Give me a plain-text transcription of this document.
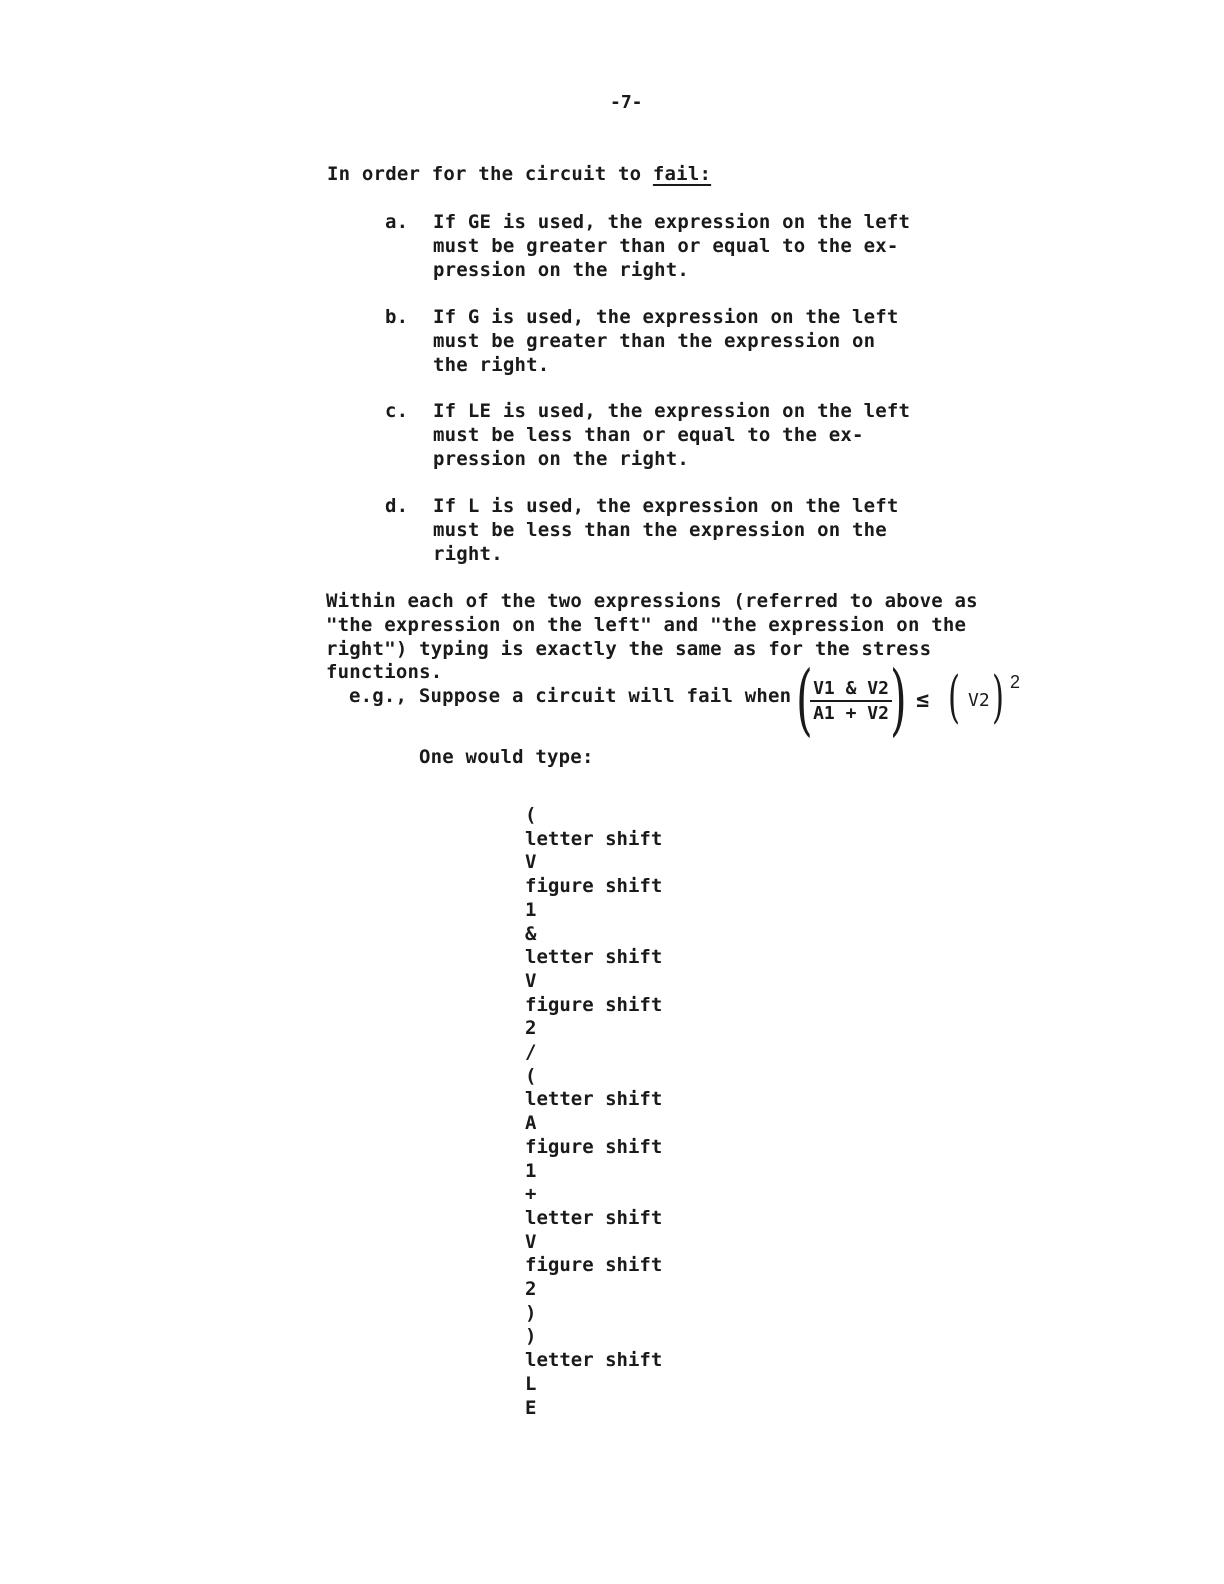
-7-
In order for the circuit to fail:
a. If GE is used, the expression on the left
must be greater than or equal to the ex-
pression on the right.
b. If G is used, the expression on the left
must be greater than the expression on
the right.
c. If LE is used, the expression on the left
must be less than or equal to the ex-
pression on the right.
d. If L is used, the expression on the left
must be less than the expression on the
right.
Within each of the two expressions (referred to above as
"the expression on the left" and "the expression on the
right") typing is exactly the same as for the stress
functions.
e.g., Suppose a circuit will fail when (
$\frac{V1 \& V2}{A1 + V2}$
) ≤ ( V2 ) 2
One would type:
(
letter shift
V
figure shift
1
&
letter shift
V
figure shift
2
/
(
letter shift
A
figure shift
1
+
letter shift
V
figure shift
2
)
)
letter shift
L
E
